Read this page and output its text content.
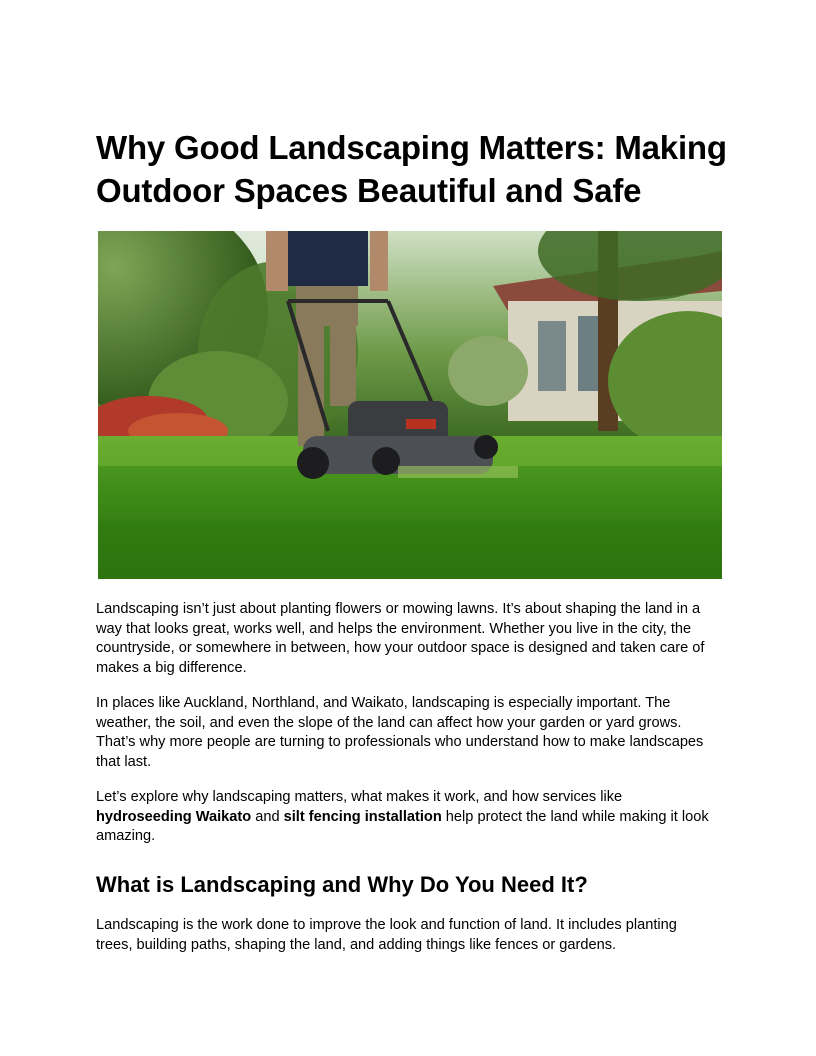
Why Good Landscaping Matters: Making
Outdoor Spaces Beautiful and Safe
Landscaping isn’t just about planting flowers or mowing lawns. It’s about shaping the land in a
way that looks great, works well, and helps the environment. Whether you live in the city, the
countryside, or somewhere in between, how your outdoor space is designed and taken care of
makes a big difference.
In places like Auckland, Northland, and Waikato, landscaping is especially important. The
weather, the soil, and even the slope of the land can affect how your garden or yard grows.
That’s why more people are turning to professionals who understand how to make landscapes
that last.
Let’s explore why landscaping matters, what makes it work, and how services like
hydroseeding Waikato and silt fencing installation help protect the land while making it look
amazing.
What is Landscaping and Why Do You Need It?
Landscaping is the work done to improve the look and function of land. It includes planting
trees, building paths, shaping the land, and adding things like fences or gardens.
